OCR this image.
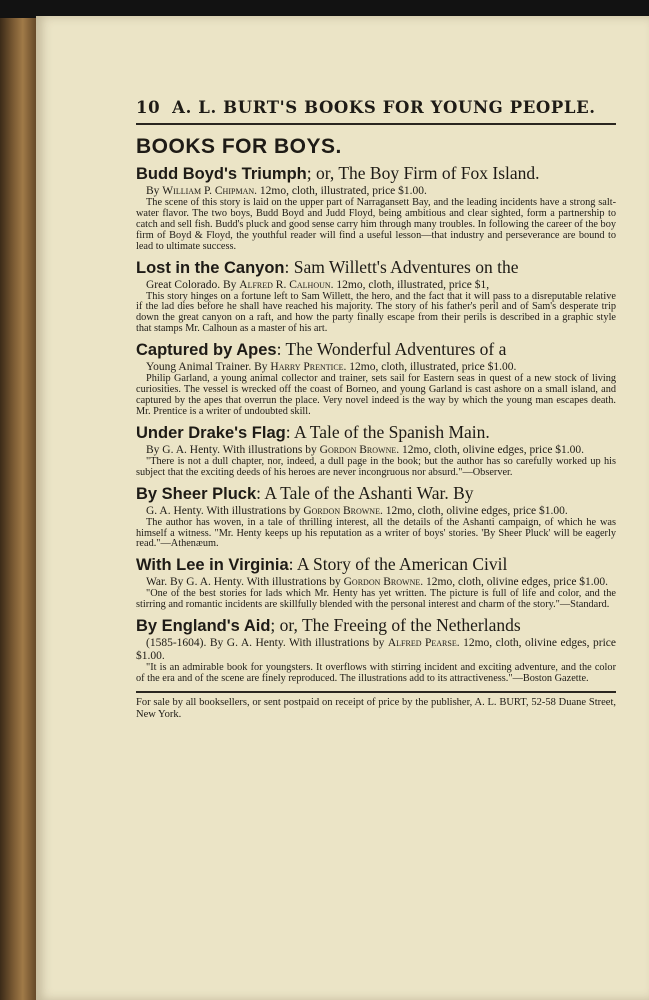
10 A. L. BURT'S BOOKS FOR YOUNG PEOPLE.
BOOKS FOR BOYS.
Budd Boyd's Triumph; or, The Boy Firm of Fox Island.
By William P. Chipman. 12mo, cloth, illustrated, price $1.00.
The scene of this story is laid on the upper part of Narragansett Bay, and the leading incidents have a strong salt-water flavor. The two boys, Budd Boyd and Judd Floyd, being ambitious and clear sighted, form a partnership to catch and sell fish. Budd's pluck and good sense carry him through many troubles. In following the career of the boy firm of Boyd & Floyd, the youthful reader will find a useful lesson—that industry and perseverance are bound to lead to ultimate success.
Lost in the Canyon: Sam Willett's Adventures on the
Great Colorado. By Alfred R. Calhoun. 12mo, cloth, illustrated, price $1,
This story hinges on a fortune left to Sam Willett, the hero, and the fact that it will pass to a disreputable relative if the lad dies before he shall have reached his majority. The story of his father's peril and of Sam's desperate trip down the great canyon on a raft, and how the party finally escape from their perils is described in a graphic style that stamps Mr. Calhoun as a master of his art.
Captured by Apes: The Wonderful Adventures of a
Young Animal Trainer. By Harry Prentice. 12mo, cloth, illustrated, price $1.00.
Philip Garland, a young animal collector and trainer, sets sail for Eastern seas in quest of a new stock of living curiosities. The vessel is wrecked off the coast of Borneo, and young Garland is cast ashore on a small island, and captured by the apes that overrun the place. Very novel indeed is the way by which the young man escapes death. Mr. Prentice is a writer of undoubted skill.
Under Drake's Flag: A Tale of the Spanish Main.
By G. A. Henty. With illustrations by Gordon Browne. 12mo, cloth, olivine edges, price $1.00.
"There is not a dull chapter, nor, indeed, a dull page in the book; but the author has so carefully worked up his subject that the exciting deeds of his heroes are never incongruous nor absurd."—Observer.
By Sheer Pluck: A Tale of the Ashanti War. By
G. A. Henty. With illustrations by Gordon Browne. 12mo, cloth, olivine edges, price $1.00.
The author has woven, in a tale of thrilling interest, all the details of the Ashanti campaign, of which he was himself a witness. "Mr. Henty keeps up his reputation as a writer of boys' stories. 'By Sheer Pluck' will be eagerly read."—Athenæum.
With Lee in Virginia: A Story of the American Civil
War. By G. A. Henty. With illustrations by Gordon Browne. 12mo, cloth, olivine edges, price $1.00.
"One of the best stories for lads which Mr. Henty has yet written. The picture is full of life and color, and the stirring and romantic incidents are skillfully blended with the personal interest and charm of the story."—Standard.
By England's Aid; or, The Freeing of the Netherlands
(1585-1604). By G. A. Henty. With illustrations by Alfred Pearse. 12mo, cloth, olivine edges, price $1.00.
"It is an admirable book for youngsters. It overflows with stirring incident and exciting adventure, and the color of the era and of the scene are finely reproduced. The illustrations add to its attractiveness."—Boston Gazette.
For sale by all booksellers, or sent postpaid on receipt of price by the publisher, A. L. BURT, 52-58 Duane Street, New York.
